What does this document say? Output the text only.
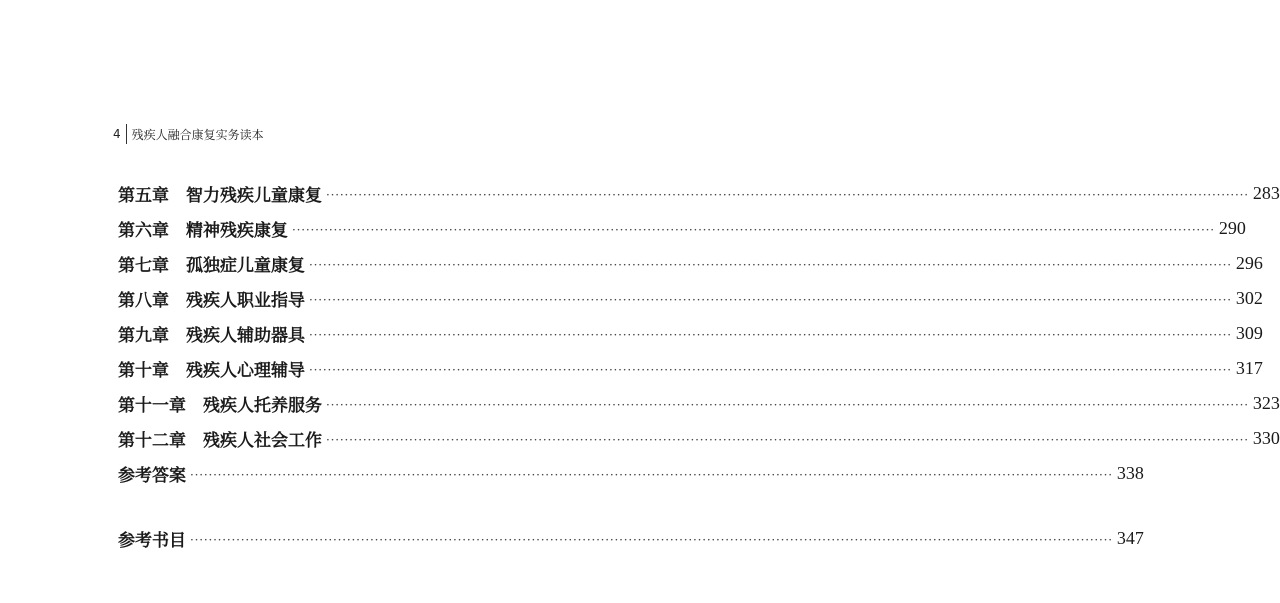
4 残疾人融合康复实务读本
第五章 智力残疾儿童康复 ········································································································································································································ 283
第六章 精神残疾康复 ········································································································································································································ 290
第七章 孤独症儿童康复 ········································································································································································································ 296
第八章 残疾人职业指导 ········································································································································································································ 302
第九章 残疾人辅助器具 ········································································································································································································ 309
第十章 残疾人心理辅导 ········································································································································································································ 317
第十一章 残疾人托养服务 ········································································································································································································ 323
第十二章 残疾人社会工作 ········································································································································································································ 330
参考答案 ········································································································································································································ 338
参考书目 ········································································································································································································ 347
